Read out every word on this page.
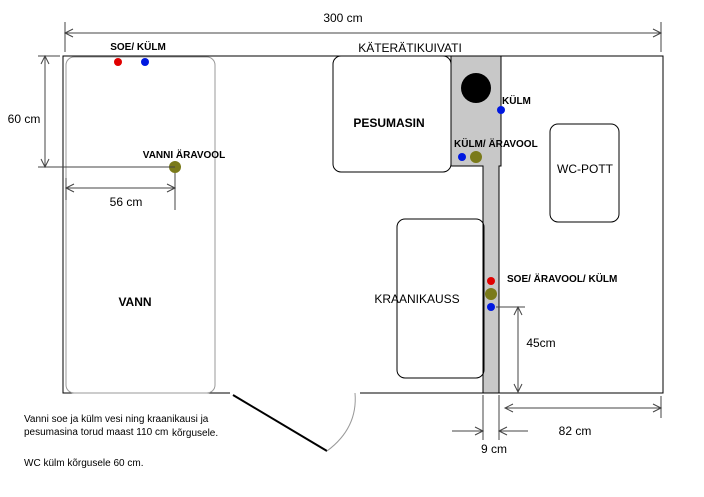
300 cm
KÄTERÄTIKUIVATI
VANN
SOE/ KÜLM
VANNI ÄRAVOOL
60 cm
56 cm
PESUMASIN
KÜLM
KÜLM/ ÄRAVOOL
WC-POTT
KRAANIKAUSS
SOE/ ÄRAVOOL/ KÜLM
45cm
9 cm
82 cm
Vanni soe ja külm vesi ning kraanikausi ja
pesumasina torud maast 110 cm kõrgusele.
WC külm kõrgusele 60 cm.
